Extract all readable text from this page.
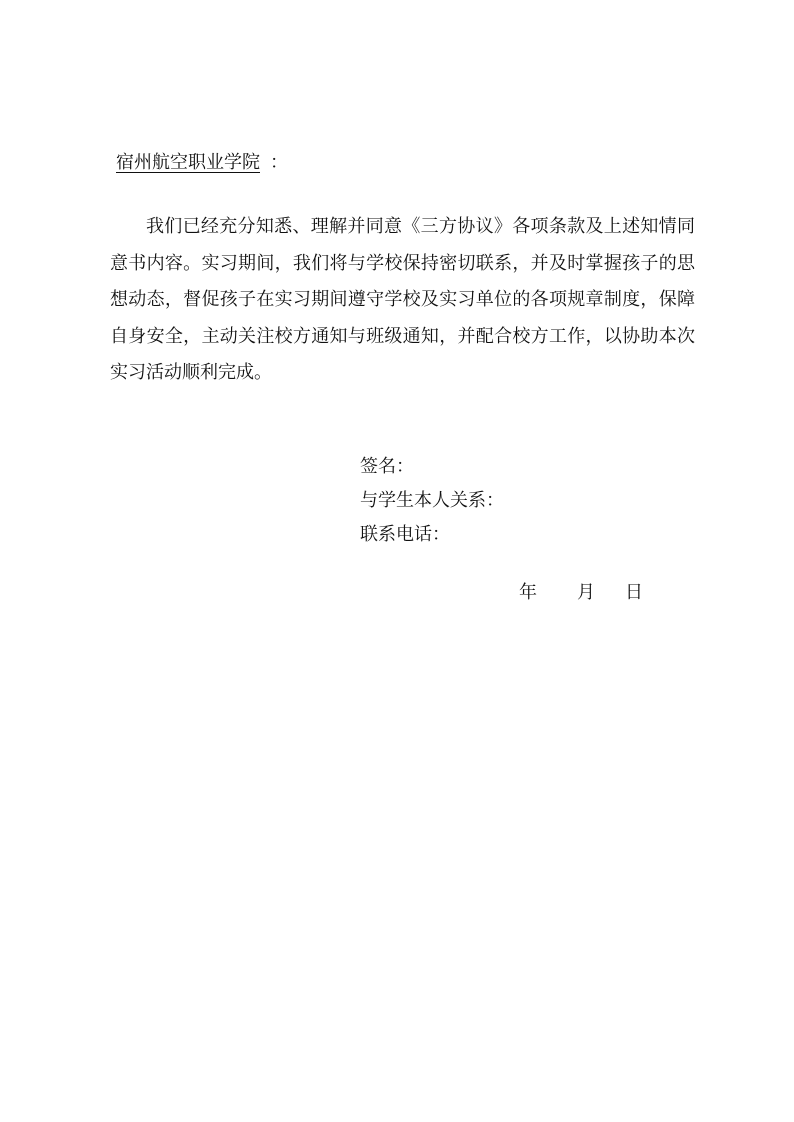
宿州航空职业学院 ：

我们已经充分知悉、理解并同意《三方协议》各项条款及上述知情同意书内容。实习期间，我们将与学校保持密切联系，并及时掌握孩子的思想动态，督促孩子在实习期间遵守学校及实习单位的各项规章制度，保障自身安全，主动关注校方通知与班级通知，并配合校方工作，以协助本次实习活动顺利完成。

签名：
与学生本人关系：
联系电话：
年 月 日
